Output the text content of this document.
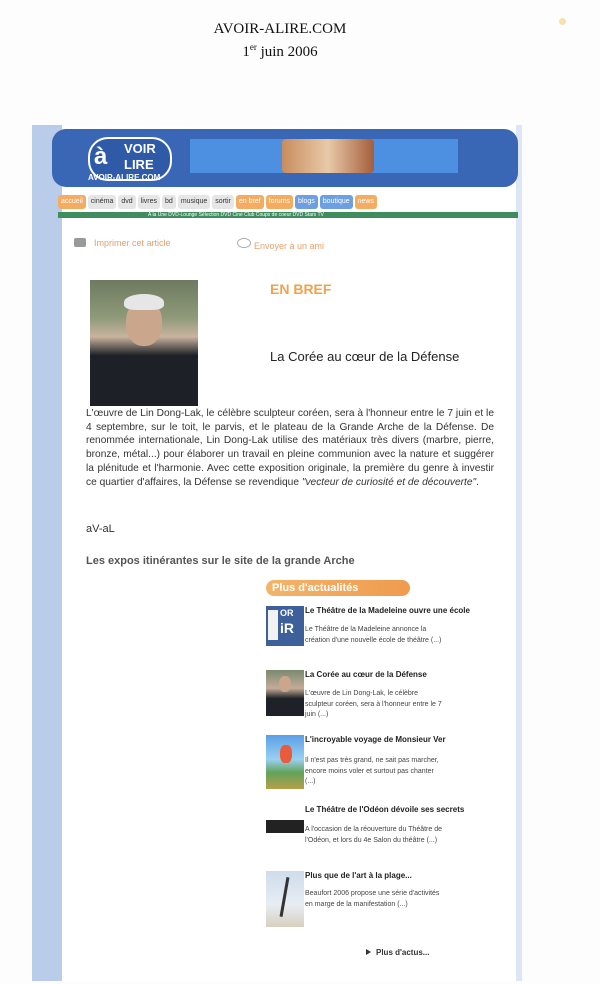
AVOIR-ALIRE.COM
1er juin 2006
à VOIR
LIRE
AVOIR-ALIRE.COM
accueil	cinéma	dvd	livres	bd	musique	sortir	en bref	forums	blogs	boutique	news
A la Une DVD-Lounge Sélection DVD Ciné Club Coups de coeur DVD Stars TV
Imprimer cet article	Envoyer à un ami
EN BREF
La Corée au cœur de la Défense
L'œuvre de Lin Dong-Lak, le célèbre sculpteur coréen, sera à l'honneur entre le 7 juin et le 4 septembre, sur le toit, le parvis, et le plateau de la Grande Arche de la Défense. De renommée internationale, Lin Dong-Lak utilise des matériaux très divers (marbre, pierre, bronze, métal...) pour élaborer un travail en pleine communion avec la nature et suggérer la plénitude et l'harmonie. Avec cette exposition originale, la première du genre à investir ce quartier d'affaires, la Défense se revendique "vecteur de curiosité et de découverte".
aV-aL
Les expos itinérantes sur le site de la grande Arche
Plus d'actualités
OR
iR
Le Théâtre de la Madeleine ouvre une école
Le Théâtre de la Madeleine annonce la création d'une nouvelle école de théâtre (...)
La Corée au cœur de la Défense
L'œuvre de Lin Dong-Lak, le célèbre sculpteur coréen, sera à l'honneur entre le 7 juin (...)
L'incroyable voyage de Monsieur Ver
Il n'est pas très grand, ne sait pas marcher, encore moins voler et surtout pas chanter (...)
Le Théâtre de l'Odéon dévoile ses secrets
A l'occasion de la réouverture du Théâtre de l'Odéon, et lors du 4e Salon du théâtre (...)
Plus que de l'art à la plage...
Beaufort 2006 propose une série d'activités en marge de la manifestation (...)
Plus d'actus...
